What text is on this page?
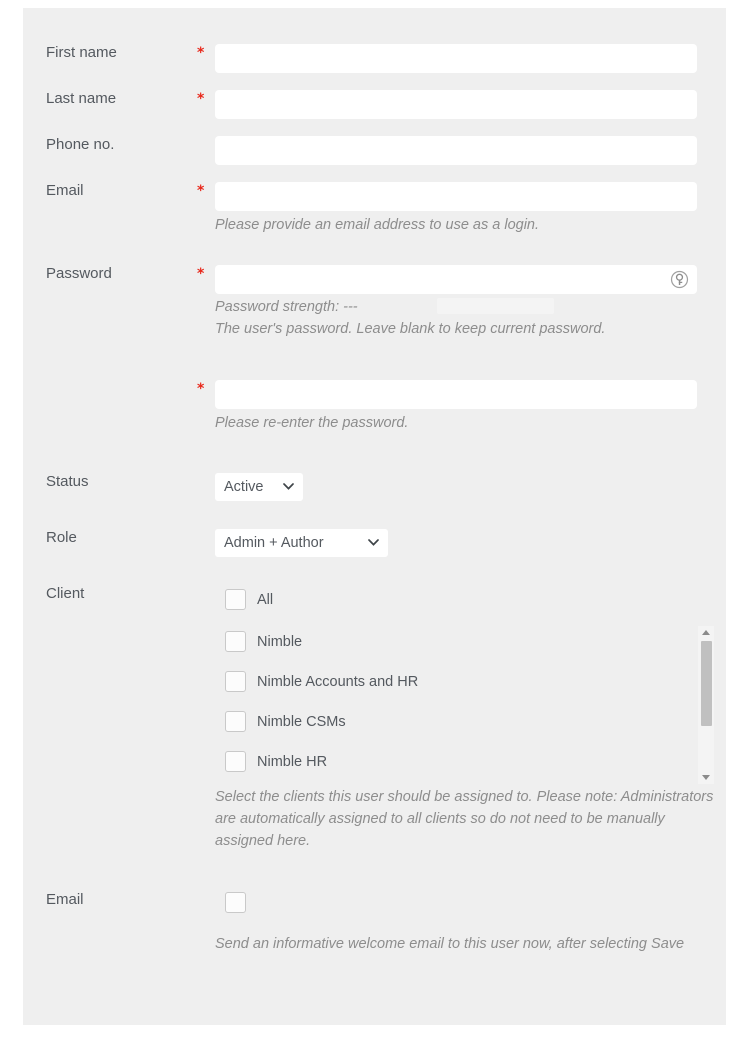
First name	*
Last name	*
Phone no.
Email	*
Please provide an email address to use as a login.
Password	*
Password strength: ---
The user's password. Leave blank to keep current password.
*
Please re-enter the password.
Status	Active
Role	Admin + Author
Client	All
Nimble
Nimble Accounts and HR
Nimble CSMs
Nimble HR
Select the clients this user should be assigned to. Please note: Administrators are automatically assigned to all clients so do not need to be manually assigned here.
Email
Send an informative welcome email to this user now, after selecting Save
